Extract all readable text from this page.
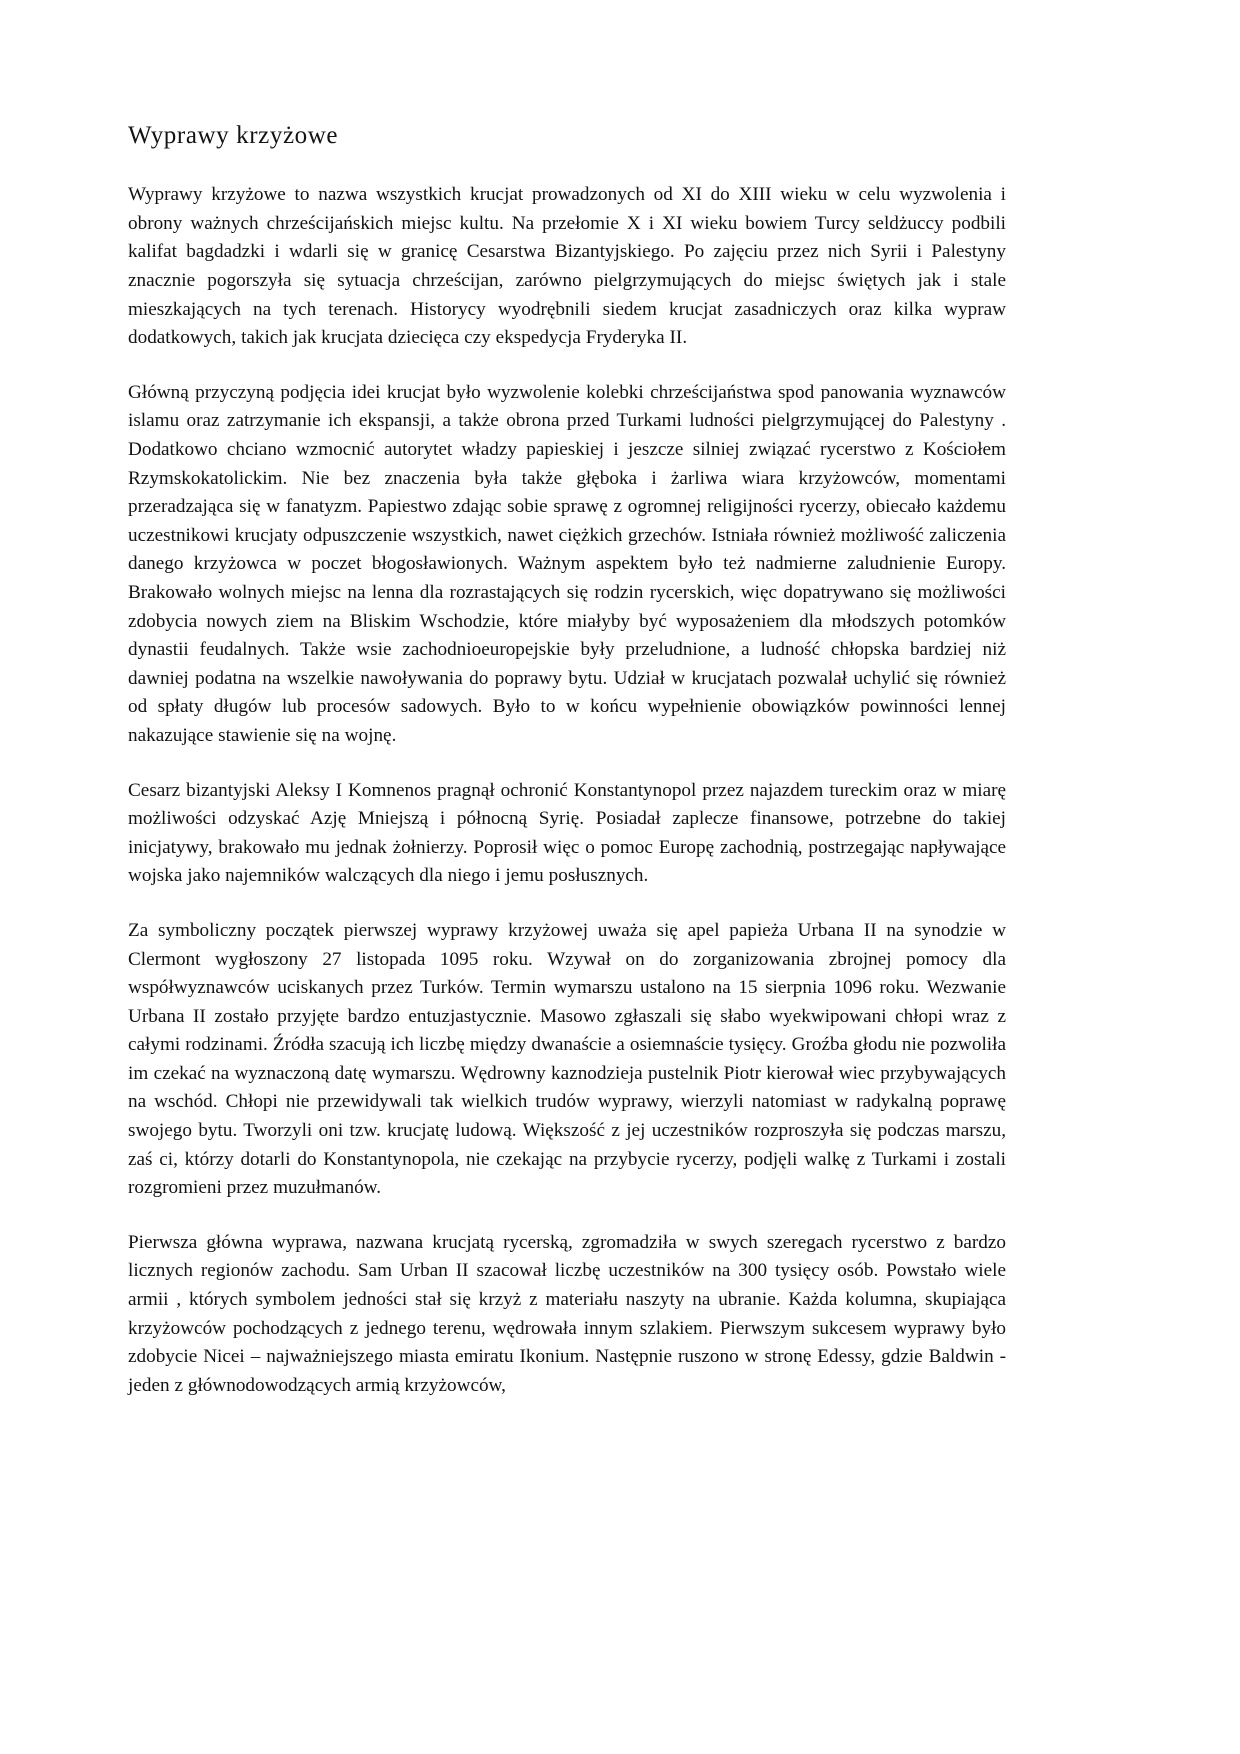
Wyprawy krzyżowe

Wyprawy krzyżowe to nazwa wszystkich krucjat prowadzonych od XI do XIII wieku w celu wyzwolenia i obrony ważnych chrześcijańskich miejsc kultu. Na przełomie X i XI wieku bowiem Turcy seldżuccy podbili kalifat bagdadzki i wdarli się w granicę Cesarstwa Bizantyjskiego. Po zajęciu przez nich Syrii i Palestyny znacznie pogorszyła się sytuacja chrześcijan, zarówno pielgrzymujących do miejsc świętych jak i stale mieszkających na tych terenach. Historycy wyodrębnili siedem krucjat zasadniczych oraz kilka wypraw dodatkowych, takich jak krucjata dziecięca czy ekspedycja Fryderyka II.

Główną przyczyną podjęcia idei krucjat było wyzwolenie kolebki chrześcijaństwa spod panowania wyznawców islamu oraz zatrzymanie ich ekspansji, a także obrona przed Turkami ludności pielgrzymującej do Palestyny . Dodatkowo chciano wzmocnić autorytet władzy papieskiej i jeszcze silniej związać rycerstwo z Kościołem Rzymskokatolickim. Nie bez znaczenia była także głęboka i żarliwa wiara krzyżowców, momentami przeradzająca się w fanatyzm. Papiestwo zdając sobie sprawę z ogromnej religijności rycerzy, obiecało każdemu uczestnikowi krucjaty odpuszczenie wszystkich, nawet ciężkich grzechów. Istniała również możliwość zaliczenia danego krzyżowca w poczet błogosławionych. Ważnym aspektem było też nadmierne zaludnienie Europy. Brakowało wolnych miejsc na lenna dla rozrastających się rodzin rycerskich, więc dopatrywano się możliwości zdobycia nowych ziem na Bliskim Wschodzie, które miałyby być wyposażeniem dla młodszych potomków dynastii feudalnych. Także wsie zachodnioeuropejskie były przeludnione, a ludność chłopska bardziej niż dawniej podatna na wszelkie nawoływania do poprawy bytu. Udział w krucjatach pozwalał uchylić się również od spłaty długów lub procesów sadowych. Było to w końcu wypełnienie obowiązków powinności lennej nakazujące stawienie się na wojnę.

Cesarz bizantyjski Aleksy I Komnenos pragnął ochronić Konstantynopol przez najazdem tureckim oraz w miarę możliwości odzyskać Azję Mniejszą i północną Syrię. Posiadał zaplecze finansowe, potrzebne do takiej inicjatywy, brakowało mu jednak żołnierzy. Poprosił więc o pomoc Europę zachodnią, postrzegając napływające wojska jako najemników walczących dla niego i jemu posłusznych.

Za symboliczny początek pierwszej wyprawy krzyżowej uważa się apel papieża Urbana II na synodzie w Clermont wygłoszony 27 listopada 1095 roku. Wzywał on do zorganizowania zbrojnej pomocy dla współwyznawców uciskanych przez Turków. Termin wymarszu ustalono na 15 sierpnia 1096 roku. Wezwanie Urbana II zostało przyjęte bardzo entuzjastycznie. Masowo zgłaszali się słabo wyekwipowani chłopi wraz z całymi rodzinami. Źródła szacują ich liczbę między dwanaście a osiemnaście tysięcy. Groźba głodu nie pozwoliła im czekać na wyznaczoną datę wymarszu. Wędrowny kaznodzieja pustelnik Piotr kierował wiec przybywających na wschód. Chłopi nie przewidywali tak wielkich trudów wyprawy, wierzyli natomiast w radykalną poprawę swojego bytu. Tworzyli oni tzw. krucjatę ludową. Większość z jej uczestników rozproszyła się podczas marszu, zaś ci, którzy dotarli do Konstantynopola, nie czekając na przybycie rycerzy, podjęli walkę z Turkami i zostali rozgromieni przez muzułmanów.

Pierwsza główna wyprawa, nazwana krucjatą rycerską, zgromadziła w swych szeregach rycerstwo z bardzo licznych regionów zachodu. Sam Urban II szacował liczbę uczestników na 300 tysięcy osób. Powstało wiele armii , których symbolem jedności stał się krzyż z materiału naszyty na ubranie. Każda kolumna, skupiająca krzyżowców pochodzących z jednego terenu, wędrowała innym szlakiem. Pierwszym sukcesem wyprawy było zdobycie Nicei – najważniejszego miasta emiratu Ikonium. Następnie ruszono w stronę Edessy, gdzie Baldwin - jeden z głównodowodzących armią krzyżowców,
